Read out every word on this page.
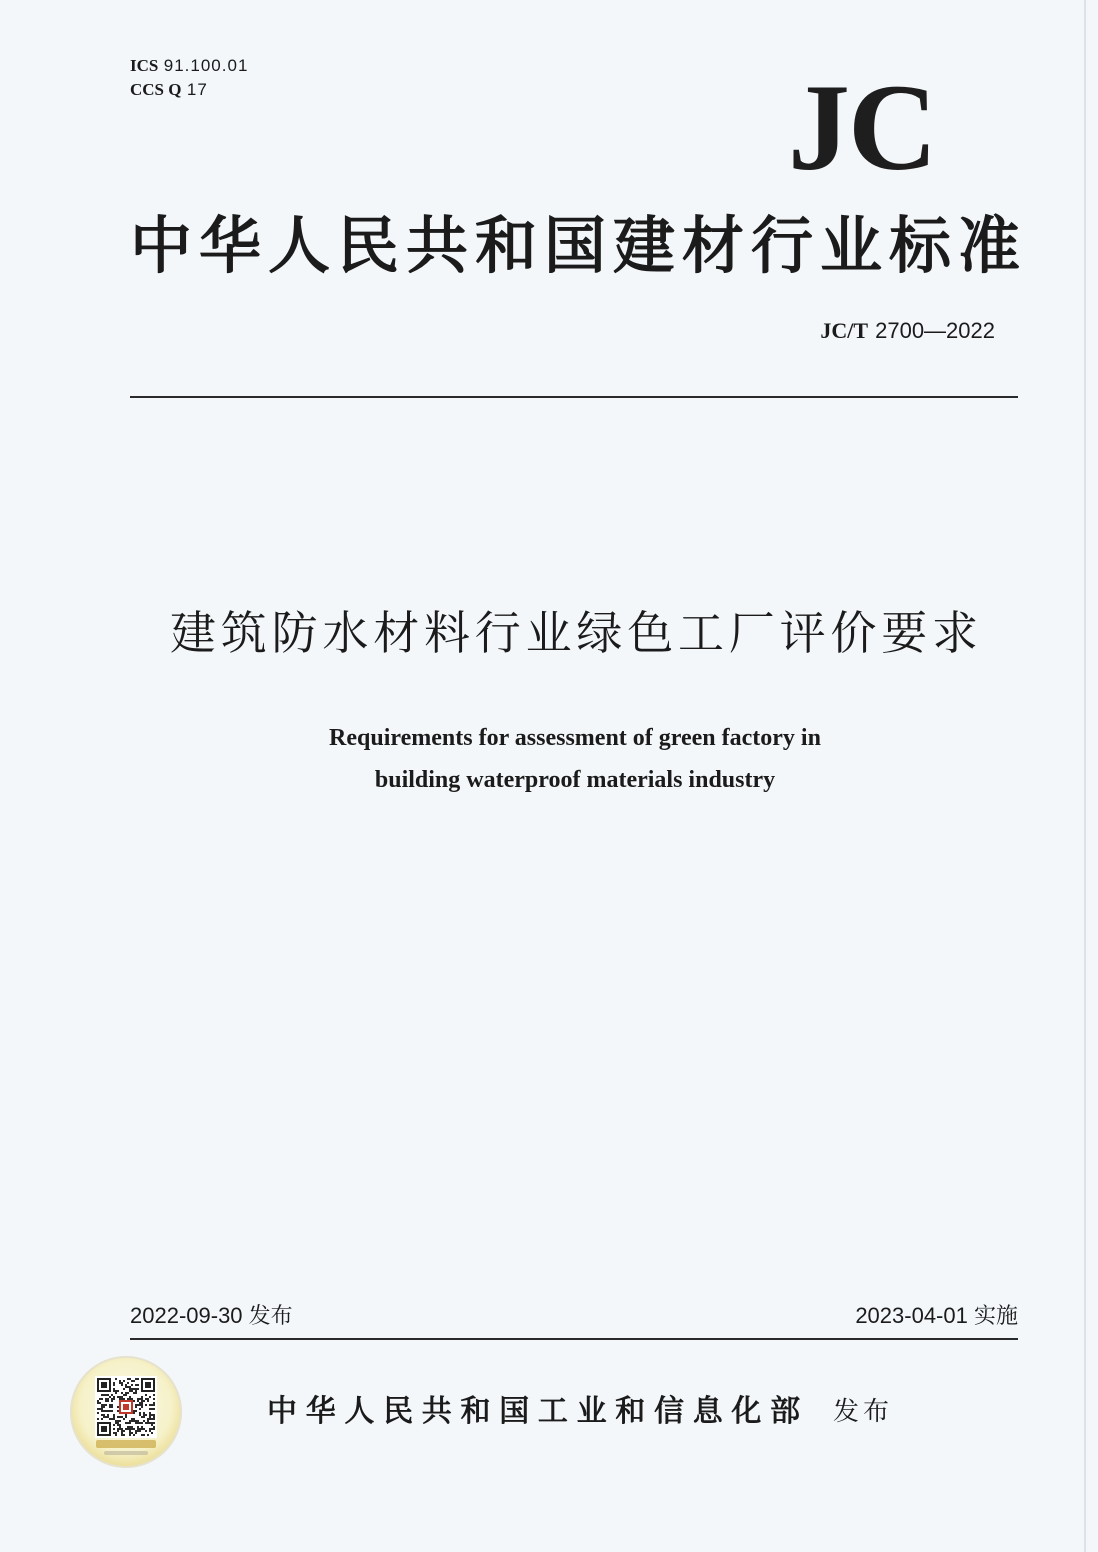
ICS 91.100.01
CCS Q 17	JC
中华人民共和国建材行业标准
JC/T 2700—2022
建筑防水材料行业绿色工厂评价要求
Requirements for assessment of green factory in
building waterproof materials industry
2022-09-30 发布	2023-04-01 实施
中华人民共和国工业和信息化部 发布
